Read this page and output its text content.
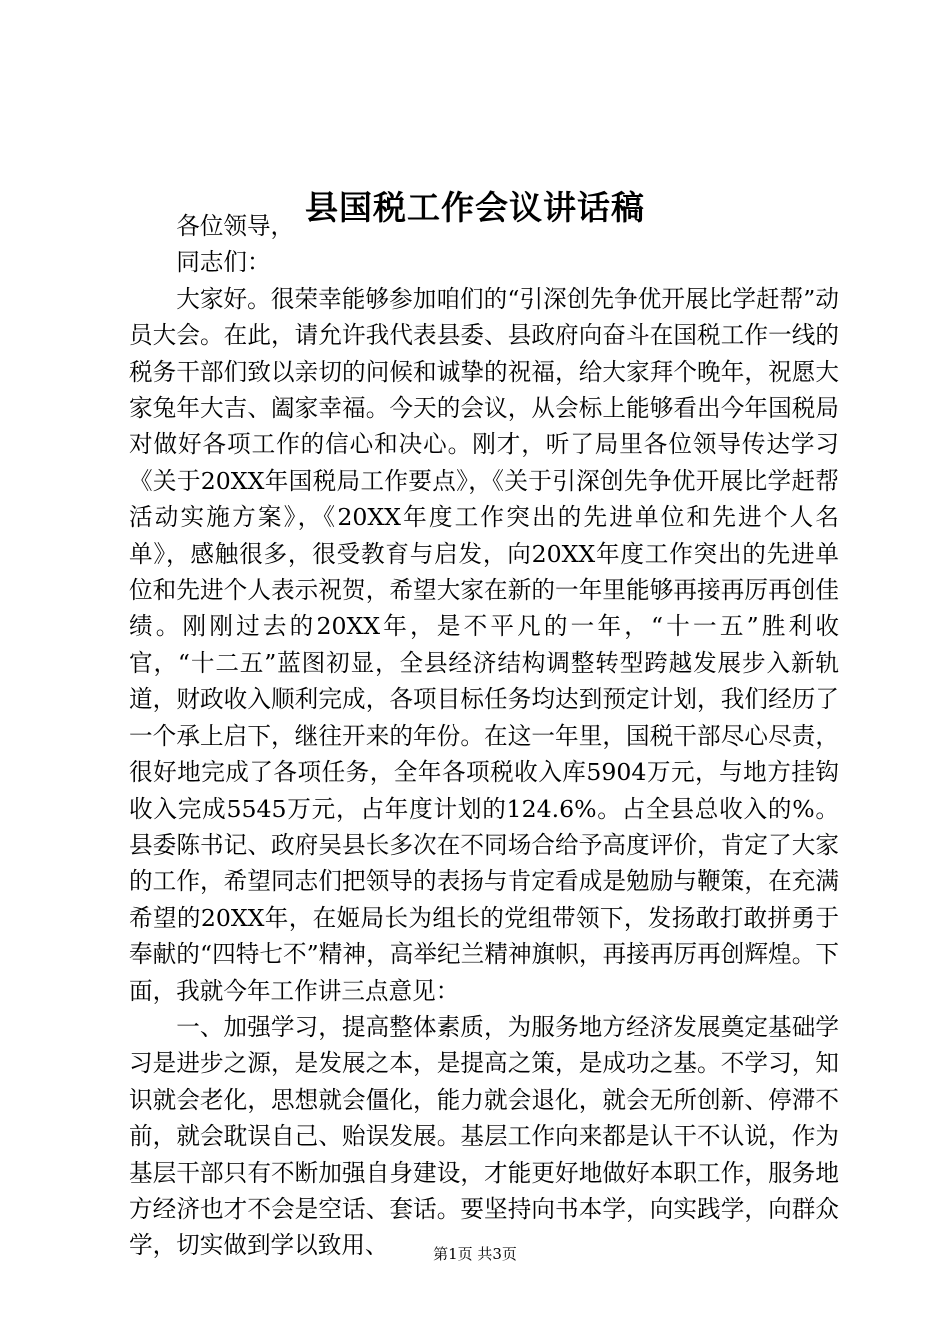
县国税工作会议讲话稿
各位领导，
同志们：

大家好。很荣幸能够参加咱们的“引深创先争优开展比学赶帮”动员大会。在此，请允许我代表县委、县政府向奋斗在国税工作一线的税务干部们致以亲切的问候和诚挚的祝福，给大家拜个晚年，祝愿大家兔年大吉、阖家幸福。今天的会议，从会标上能够看出今年国税局对做好各项工作的信心和决心。刚才，听了局里各位领导传达学习《关于20XX年国税局工作要点》，《关于引深创先争优开展比学赶帮活动实施方案》，《20XX年度工作突出的先进单位和先进个人名单》，感触很多，很受教育与启发，向20XX年度工作突出的先进单位和先进个人表示祝贺，希望大家在新的一年里能够再接再厉再创佳绩。刚刚过去的20XX年，是不平凡的一年，“十一五”胜利收官，“十二五”蓝图初显，全县经济结构调整转型跨越发展步入新轨道，财政收入顺利完成，各项目标任务均达到预定计划，我们经历了一个承上启下，继往开来的年份。在这一年里，国税干部尽心尽责，很好地完成了各项任务，全年各项税收入库5904万元，与地方挂钩收入完成5545万元，占年度计划的124.6%。占全县总收入的%。县委陈书记、政府吴县长多次在不同场合给予高度评价，肯定了大家的工作，希望同志们把领导的表扬与肯定看成是勉励与鞭策，在充满希望的20XX年，在姬局长为组长的党组带领下，发扬敢打敢拼勇于奉献的“四特七不”精神，高举纪兰精神旗帜，再接再厉再创辉煌。下面，我就今年工作讲三点意见：

一、加强学习，提高整体素质，为服务地方经济发展奠定基础学习是进步之源，是发展之本，是提高之策，是成功之基。不学习，知识就会老化，思想就会僵化，能力就会退化，就会无所创新、停滞不前，就会耽误自己、贻误发展。基层工作向来都是认干不认说，作为基层干部只有不断加强自身建设，才能更好地做好本职工作，服务地方经济也才不会是空话、套话。要坚持向书本学，向实践学，向群众学，切实做到学以致用、	第1页 共3页
